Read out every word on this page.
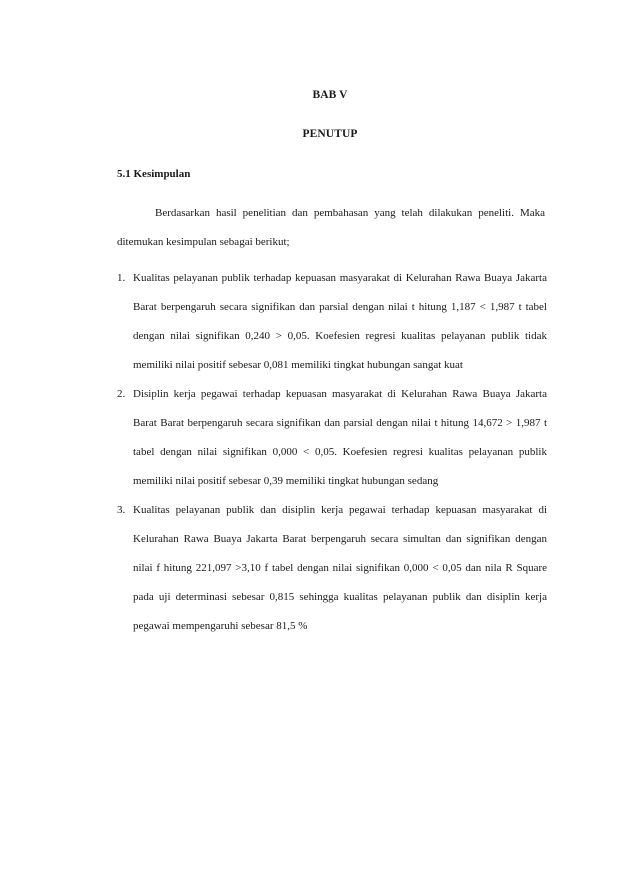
BAB V
PENUTUP
5.1 Kesimpulan

Berdasarkan hasil penelitian dan pembahasan yang telah dilakukan peneliti. Maka ditemukan kesimpulan sebagai berikut;

1. Kualitas pelayanan publik terhadap kepuasan masyarakat di Kelurahan Rawa Buaya Jakarta Barat berpengaruh secara signifikan dan parsial dengan nilai t hitung 1,187 < 1,987 t tabel dengan nilai signifikan 0,240 > 0,05. Koefesien regresi kualitas pelayanan publik tidak memiliki nilai positif sebesar 0,081 memiliki tingkat hubungan sangat kuat
2. Disiplin kerja pegawai terhadap kepuasan masyarakat di Kelurahan Rawa Buaya Jakarta Barat Barat berpengaruh secara signifikan dan parsial dengan nilai t hitung 14,672 > 1,987 t tabel dengan nilai signifikan 0,000 < 0,05. Koefesien regresi kualitas pelayanan publik memiliki nilai positif sebesar 0,39 memiliki tingkat hubungan sedang
3. Kualitas pelayanan publik dan disiplin kerja pegawai terhadap kepuasan masyarakat di Kelurahan Rawa Buaya Jakarta Barat berpengaruh secara simultan dan signifikan dengan nilai f hitung 221,097 >3,10 f tabel dengan nilai signifikan 0,000 < 0,05 dan nila R Square pada uji determinasi sebesar 0,815 sehingga kualitas pelayanan publik dan disiplin kerja pegawai mempengaruhi sebesar 81,5 %
